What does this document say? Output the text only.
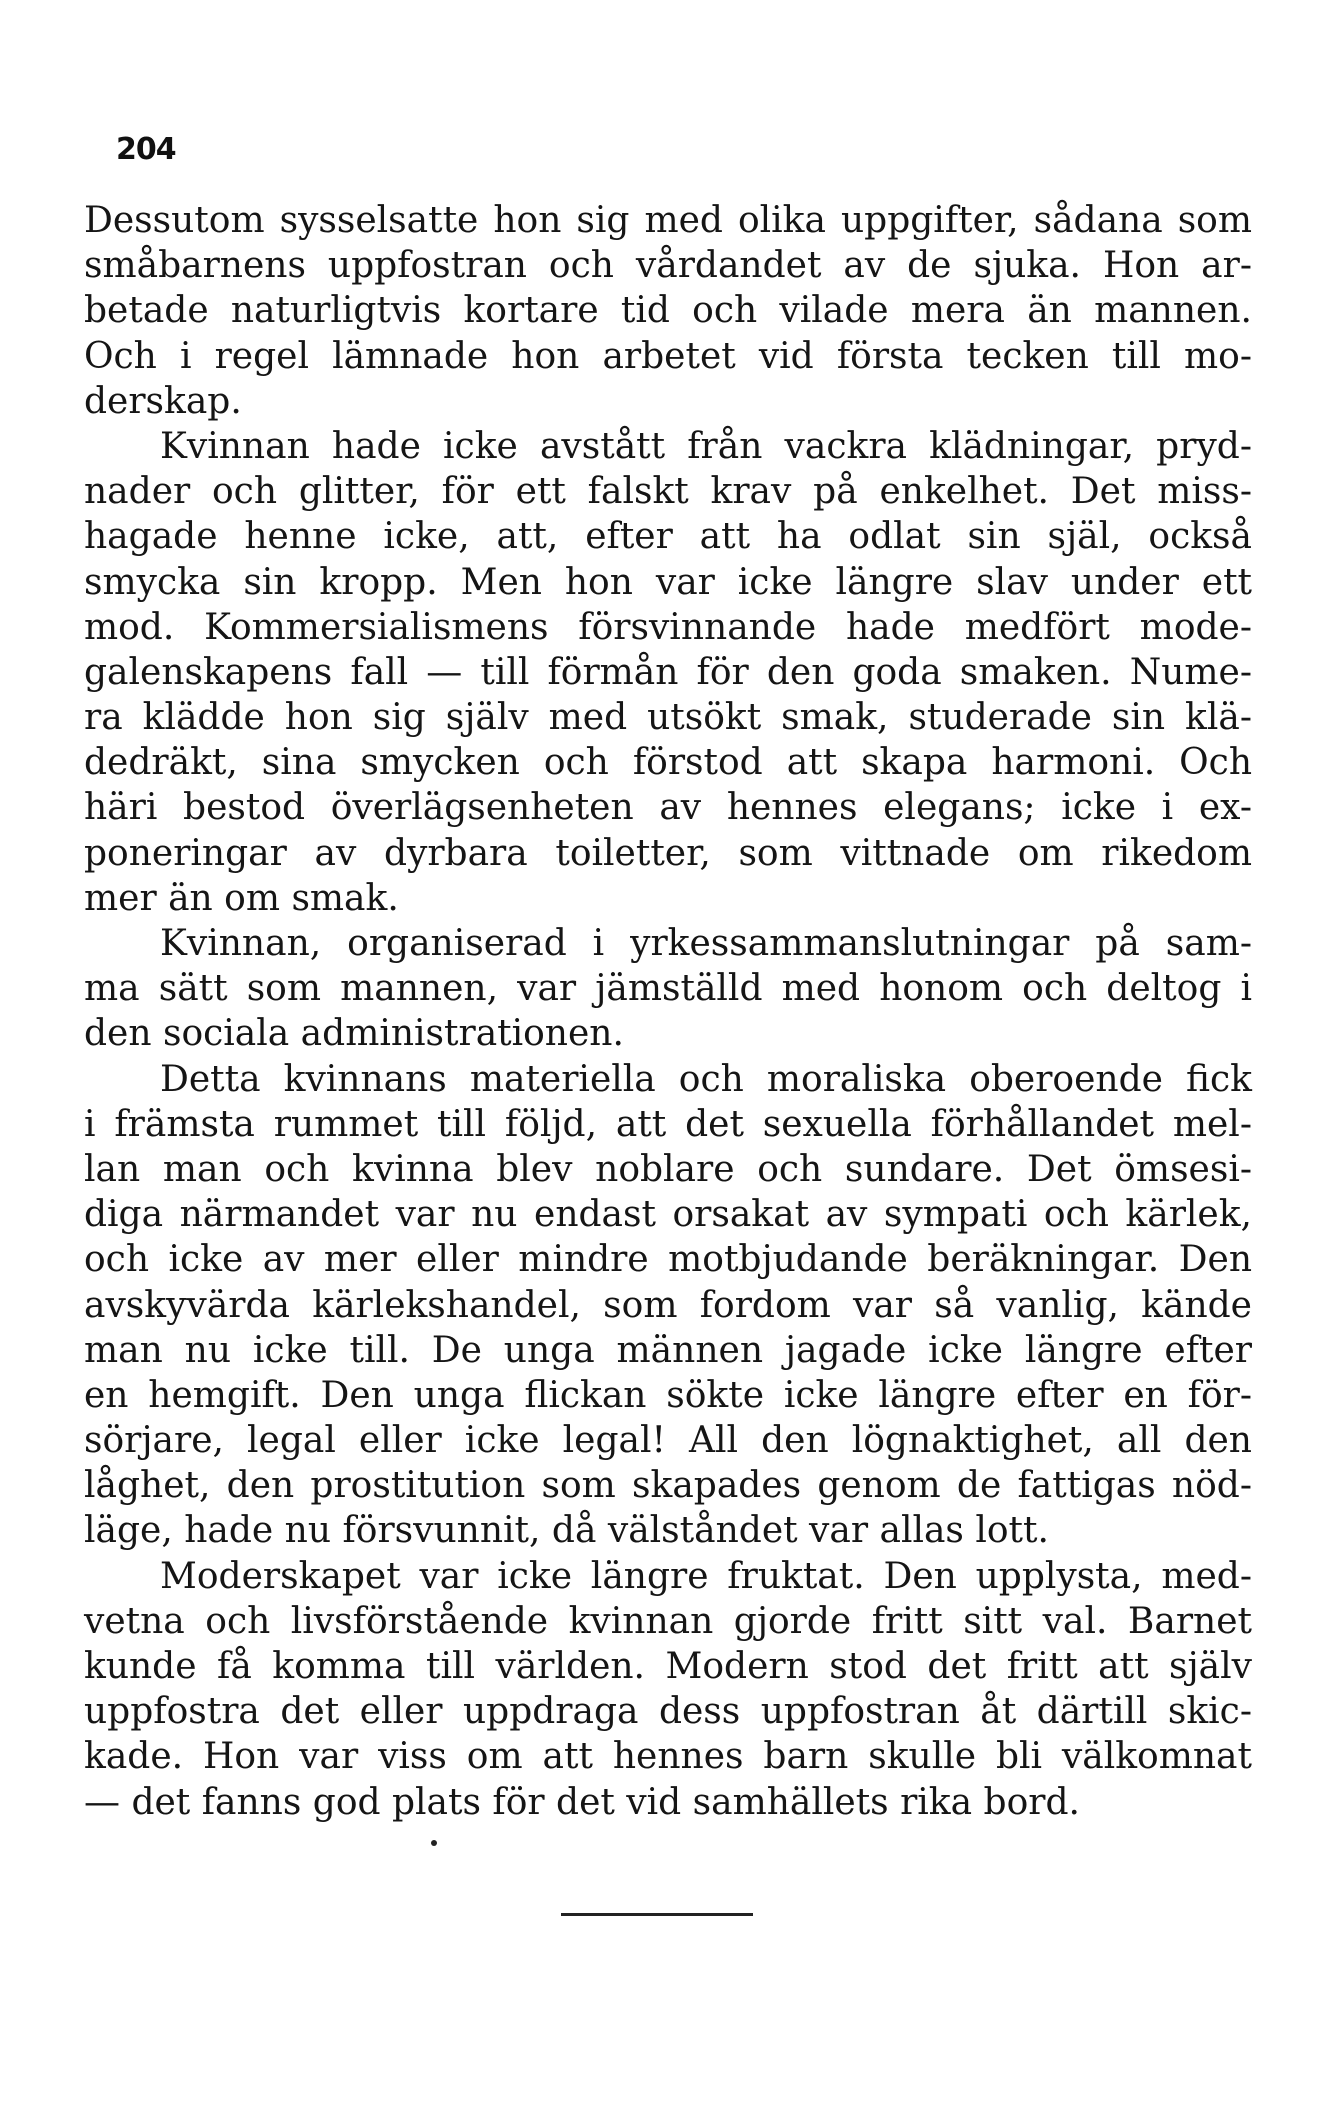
204
Dessutom sysselsatte hon sig med olika uppgifter, sådana som
småbarnens uppfostran och vårdandet av de sjuka. Hon ar-
betade naturligtvis kortare tid och vilade mera än mannen.
Och i regel lämnade hon arbetet vid första tecken till mo-
derskap.
Kvinnan hade icke avstått från vackra klädningar, pryd-
nader och glitter, för ett falskt krav på enkelhet. Det miss-
hagade henne icke, att, efter att ha odlat sin själ, också
smycka sin kropp. Men hon var icke längre slav under ett
mod. Kommersialismens försvinnande hade medfört mode-
galenskapens fall — till förmån för den goda smaken. Nume-
ra klädde hon sig själv med utsökt smak, studerade sin klä-
dedräkt, sina smycken och förstod att skapa harmoni. Och
häri bestod överlägsenheten av hennes elegans; icke i ex-
poneringar av dyrbara toiletter, som vittnade om rikedom
mer än om smak.
Kvinnan, organiserad i yrkessammanslutningar på sam-
ma sätt som mannen, var jämställd med honom och deltog i
den sociala administrationen.
Detta kvinnans materiella och moraliska oberoende fick
i främsta rummet till följd, att det sexuella förhållandet mel-
lan man och kvinna blev noblare och sundare. Det ömsesi-
diga närmandet var nu endast orsakat av sympati och kärlek,
och icke av mer eller mindre motbjudande beräkningar. Den
avskyvärda kärlekshandel, som fordom var så vanlig, kände
man nu icke till. De unga männen jagade icke längre efter
en hemgift. Den unga flickan sökte icke längre efter en för-
sörjare, legal eller icke legal! All den lögnaktighet, all den
låghet, den prostitution som skapades genom de fattigas nöd-
läge, hade nu försvunnit, då välståndet var allas lott.
Moderskapet var icke längre fruktat. Den upplysta, med-
vetna och livsförstående kvinnan gjorde fritt sitt val. Barnet
kunde få komma till världen. Modern stod det fritt att själv
uppfostra det eller uppdraga dess uppfostran åt därtill skic-
kade. Hon var viss om att hennes barn skulle bli välkomnat
— det fanns god plats för det vid samhällets rika bord.
